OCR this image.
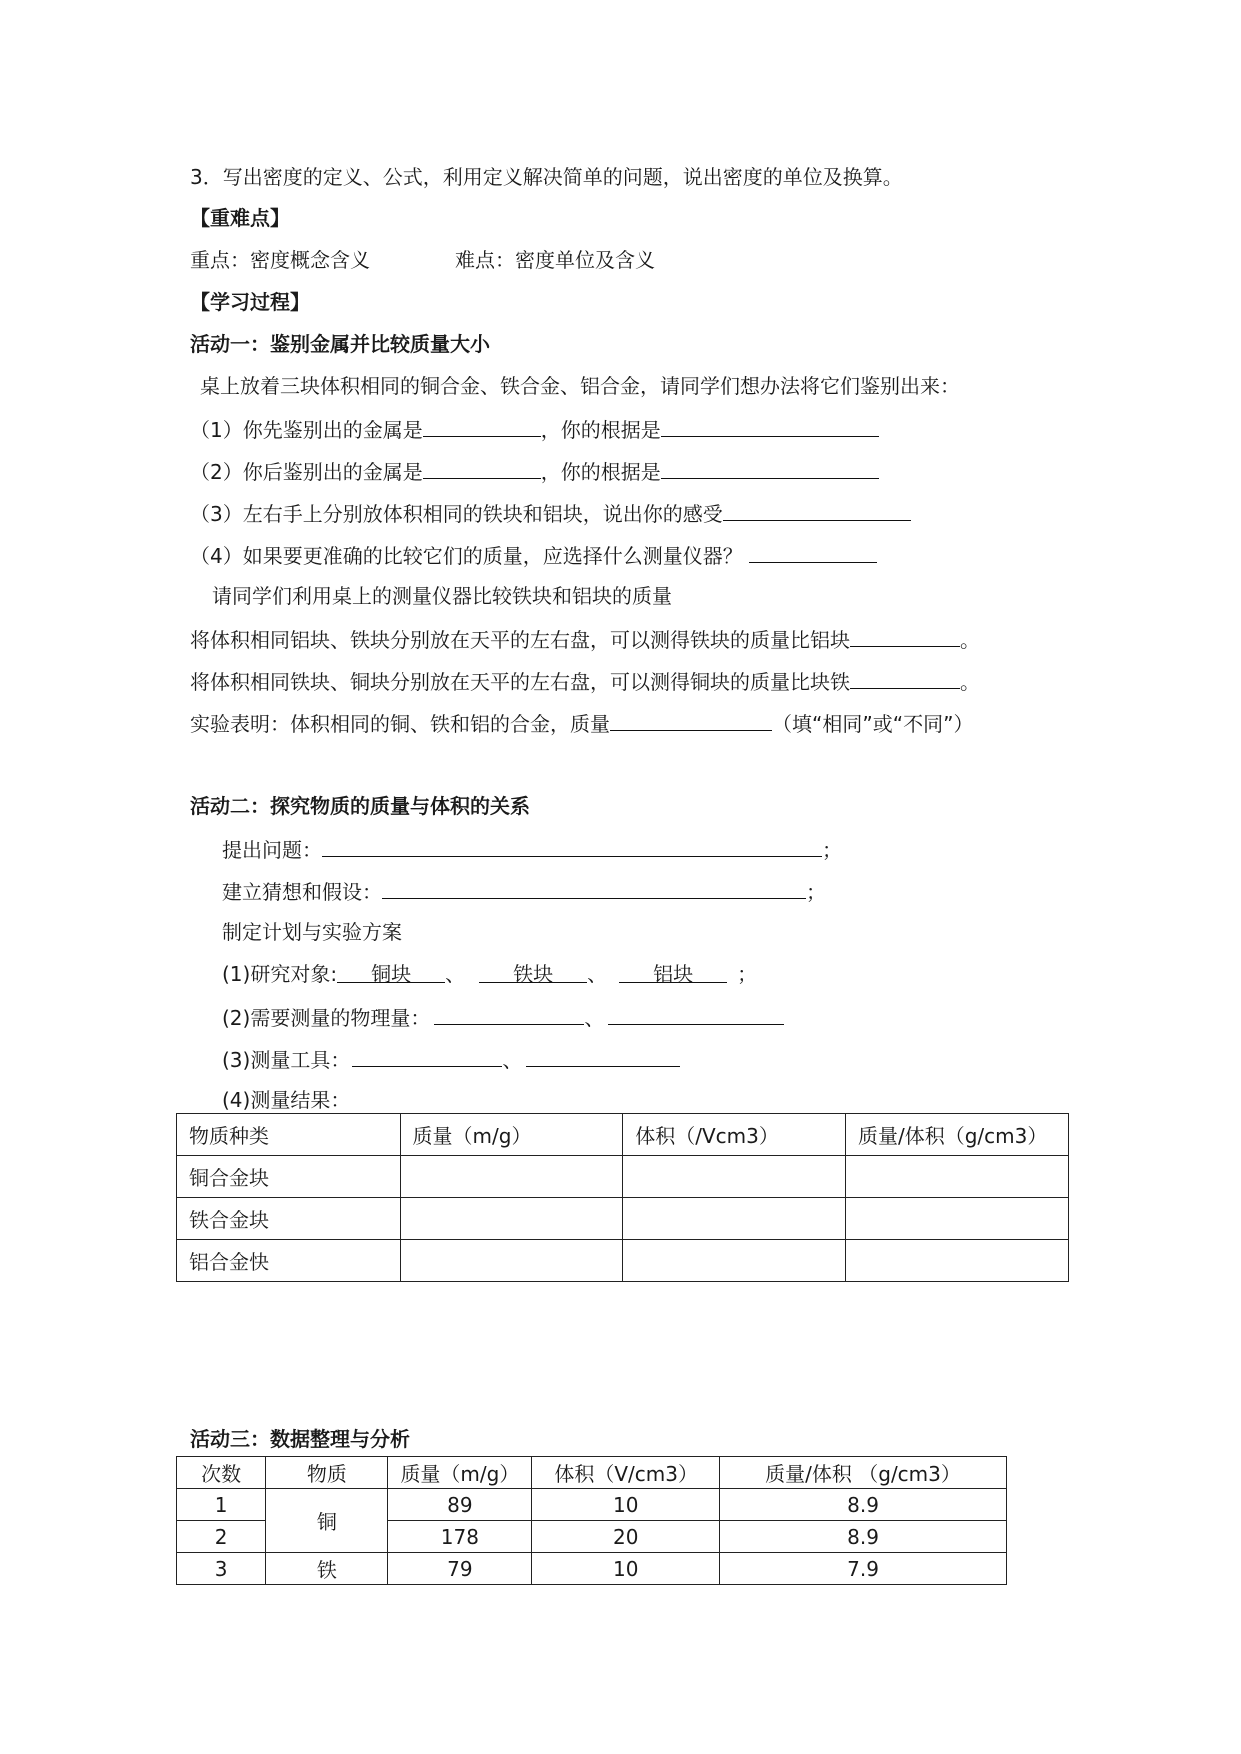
3．写出密度的定义、公式，利用定义解决简单的问题，说出密度的单位及换算。
【重难点】
重点：密度概念含义	难点：密度单位及含义
【学习过程】
活动一：鉴别金属并比较质量大小
桌上放着三块体积相同的铜合金、铁合金、铝合金，请同学们想办法将它们鉴别出来：
（1）你先鉴别出的金属是	，你的根据是
（2）你后鉴别出的金属是	，你的根据是
（3）左右手上分别放体积相同的铁块和铝块，说出你的感受
（4）如果要更准确的比较它们的质量，应选择什么测量仪器？
请同学们利用桌上的测量仪器比较铁块和铝块的质量
将体积相同铝块、铁块分别放在天平的左右盘，可以测得铁块的质量比铝块	。
将体积相同铁块、铜块分别放在天平的左右盘，可以测得铜块的质量比块铁	。
实验表明：体积相同的铜、铁和铝的合金，质量	（填“相同”或“不同”）
活动二：探究物质的质量与体积的关系
提出问题：	；
建立猜想和假设：	；
制定计划与实验方案
(1)研究对象: 铜块 、 铁块 、 铝块 ；
(2)需要测量的物理量：	、
(3)测量工具：	、
(4)测量结果：
物质种类	质量（m/g）	体积（/Vcm3）	质量/体积（g/cm3）
铜合金块			
铁合金块			
铝合金快			
活动三：数据整理与分析
次数	物质	质量（m/g）	体积（V/cm3）	质量/体积 （g/cm3）
1	铜	89	10	8.9
2		178	20	8.9
3	铁	79	10	7.9
